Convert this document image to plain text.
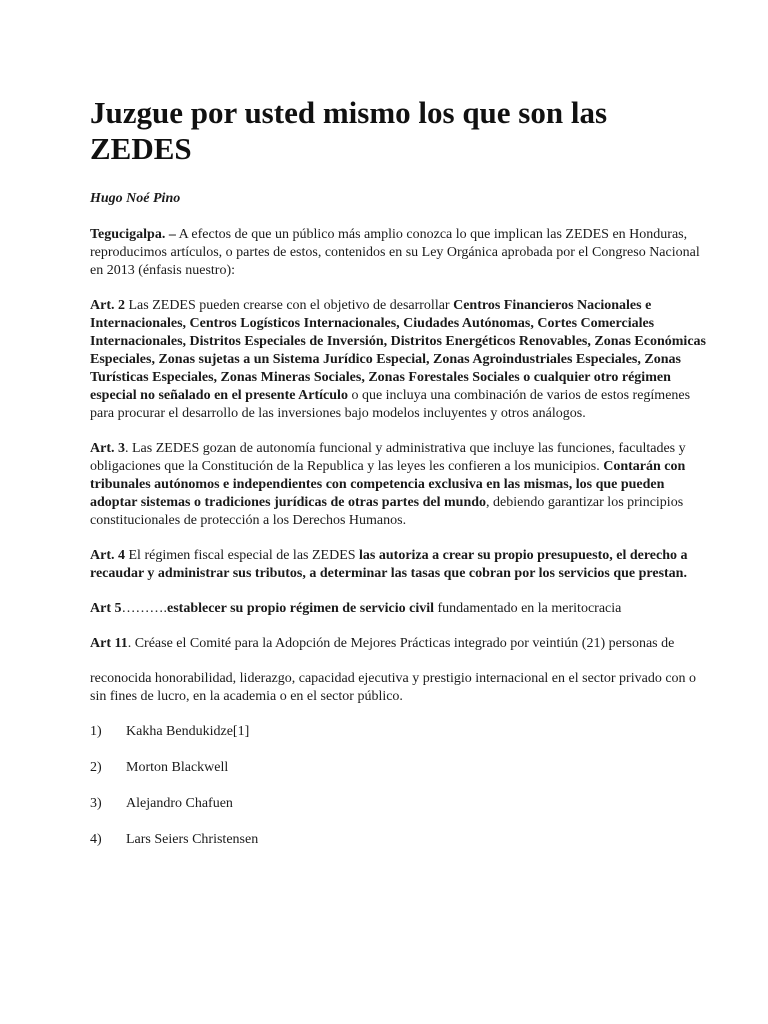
Juzgue por usted mismo los que son las ZEDES

Hugo Noé Pino

Tegucigalpa. – A efectos de que un público más amplio conozca lo que implican las ZEDES en Honduras, reproducimos artículos, o partes de estos, contenidos en su Ley Orgánica aprobada por el Congreso Nacional en 2013 (énfasis nuestro):

Art. 2 Las ZEDES pueden crearse con el objetivo de desarrollar Centros Financieros Nacionales e Internacionales, Centros Logísticos Internacionales, Ciudades Autónomas, Cortes Comerciales Internacionales, Distritos Especiales de Inversión, Distritos Energéticos Renovables, Zonas Económicas Especiales, Zonas sujetas a un Sistema Jurídico Especial, Zonas Agroindustriales Especiales, Zonas Turísticas Especiales, Zonas Mineras Sociales, Zonas Forestales Sociales o cualquier otro régimen especial no señalado en el presente Artículo o que incluya una combinación de varios de estos regímenes para procurar el desarrollo de las inversiones bajo modelos incluyentes y otros análogos.

Art. 3. Las ZEDES gozan de autonomía funcional y administrativa que incluye las funciones, facultades y obligaciones que la Constitución de la Republica y las leyes les confieren a los municipios. Contarán con tribunales autónomos e independientes con competencia exclusiva en las mismas, los que pueden adoptar sistemas o tradiciones jurídicas de otras partes del mundo, debiendo garantizar los principios constitucionales de protección a los Derechos Humanos.

Art. 4 El régimen fiscal especial de las ZEDES las autoriza a crear su propio presupuesto, el derecho a recaudar y administrar sus tributos, a determinar las tasas que cobran por los servicios que prestan.

Art 5……….establecer su propio régimen de servicio civil fundamentado en la meritocracia

Art 11. Créase el Comité para la Adopción de Mejores Prácticas integrado por veintiún (21) personas de

reconocida honorabilidad, liderazgo, capacidad ejecutiva y prestigio internacional en el sector privado con o sin fines de lucro, en la academia o en el sector público.

1)	Kakha Bendukidze[1]
2)	Morton Blackwell
3)	Alejandro Chafuen
4)	Lars Seiers Christensen
